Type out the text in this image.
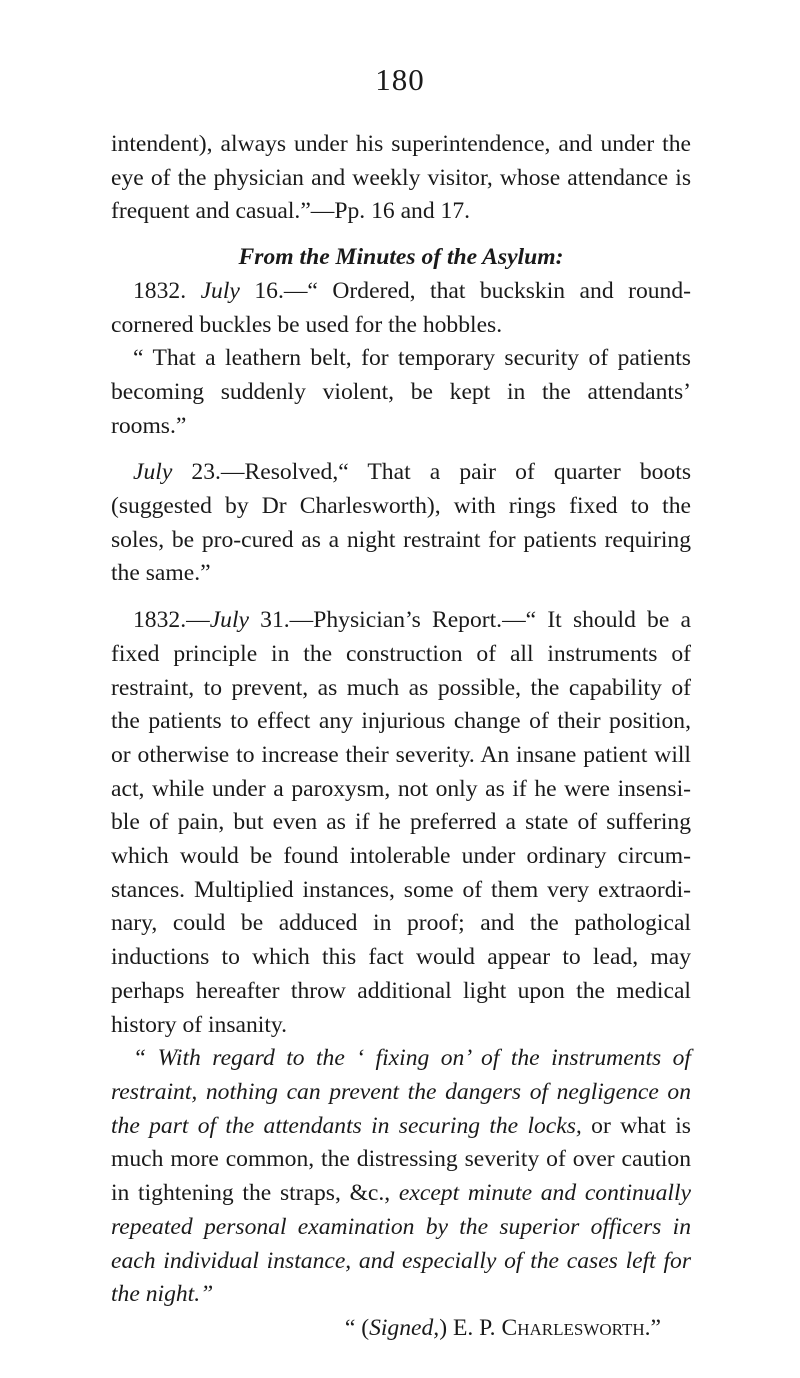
180

intendent), always under his superintendence, and under the eye of the physician and weekly visitor, whose attendance is frequent and casual.”—Pp. 16 and 17.

From the Minutes of the Asylum:

1832. July 16.—“ Ordered, that buckskin and round-cornered buckles be used for the hobbles.

“ That a leathern belt, for temporary security of patients becoming suddenly violent, be kept in the attendants’ rooms.”

July 23.—Resolved,“ That a pair of quarter boots (suggested by Dr Charlesworth), with rings fixed to the soles, be pro-cured as a night restraint for patients requiring the same.”

1832.—July 31.—Physician’s Report.—“ It should be a fixed principle in the construction of all instruments of restraint, to prevent, as much as possible, the capability of the patients to effect any injurious change of their position, or otherwise to increase their severity. An insane patient will act, while under a paroxysm, not only as if he were insensi-ble of pain, but even as if he preferred a state of suffering which would be found intolerable under ordinary circum-stances. Multiplied instances, some of them very extraordi-nary, could be adduced in proof; and the pathological inductions to which this fact would appear to lead, may perhaps hereafter throw additional light upon the medical history of insanity.

“ With regard to the ‘ fixing on’ of the instruments of restraint, nothing can prevent the dangers of negligence on the part of the attendants in securing the locks, or what is much more common, the distressing severity of over caution in tightening the straps, &c., except minute and continually repeated personal examination by the superior officers in each individual instance, and especially of the cases left for the night.”

“ (Signed,) E. P. Charlesworth.”
